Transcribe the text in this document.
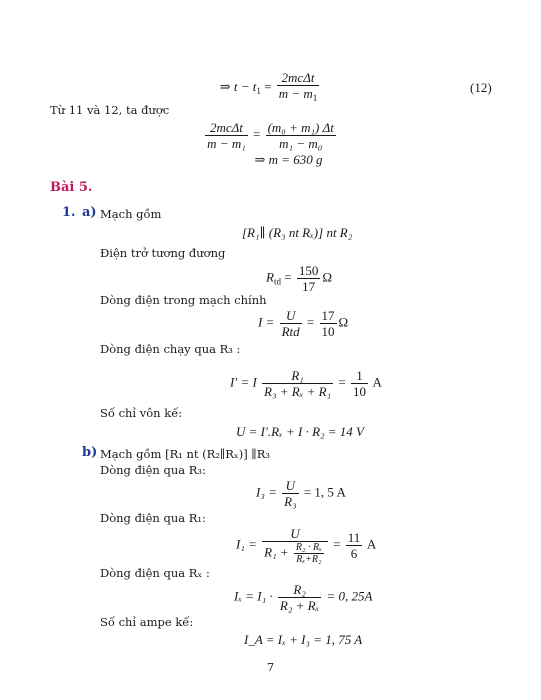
⇒ $t - t_1 = \frac{\text{2mcΔt}}{m - m_1}$	(12)
Từ 11 và 12, ta được
$\frac{\text{2mcΔt}}{\text{m − m₁}} = \frac{\text{(m₀ + m₁) Δt}}{\text{m₁ − m₀}}$
⇒ m = 630 g
Bài 5.
1. a) Mạch gồm
[R₁∥ (R₃ nt Rₓ)] nt R₂
Điện trở tương đương
$R_{td} = \frac{150}{17}$ Ω
Dòng điện trong mạch chính
$I = \frac{U}{\text{Rtd}} = \frac{17}{10}$ Ω
Dòng điện chạy qua R₃ :
I′ = I $\frac{\text{R₁}}{\text{R₃ + Rₓ + R₁}} = \frac{1}{10}$ A
Số chỉ vôn kế:
U = I′.Rₓ + I · R₂ = 14 V
b) Mạch gồm [R₁ nt (R₂∥Rₓ)] ∥R₃
Dòng điện qua R₃:
$I_3 = \frac{U}{\text{R₃}} = 1$, 5 A
Dòng điện qua R₁:
$I_1 = \frac{U}{R_1 + \frac{\text{R₂ · Rₓ}}{\text{Rₓ+R₂}}} = \frac{11}{6}$ A
Dòng điện qua Rₓ :
$I_x = I_1 \cdot \frac{\text{R₂}}{\text{R₂ + Rₓ}} = 0$, 25A
Số chỉ ampe kế:
I_A = Iₓ + I₃ = 1, 75 A
7
